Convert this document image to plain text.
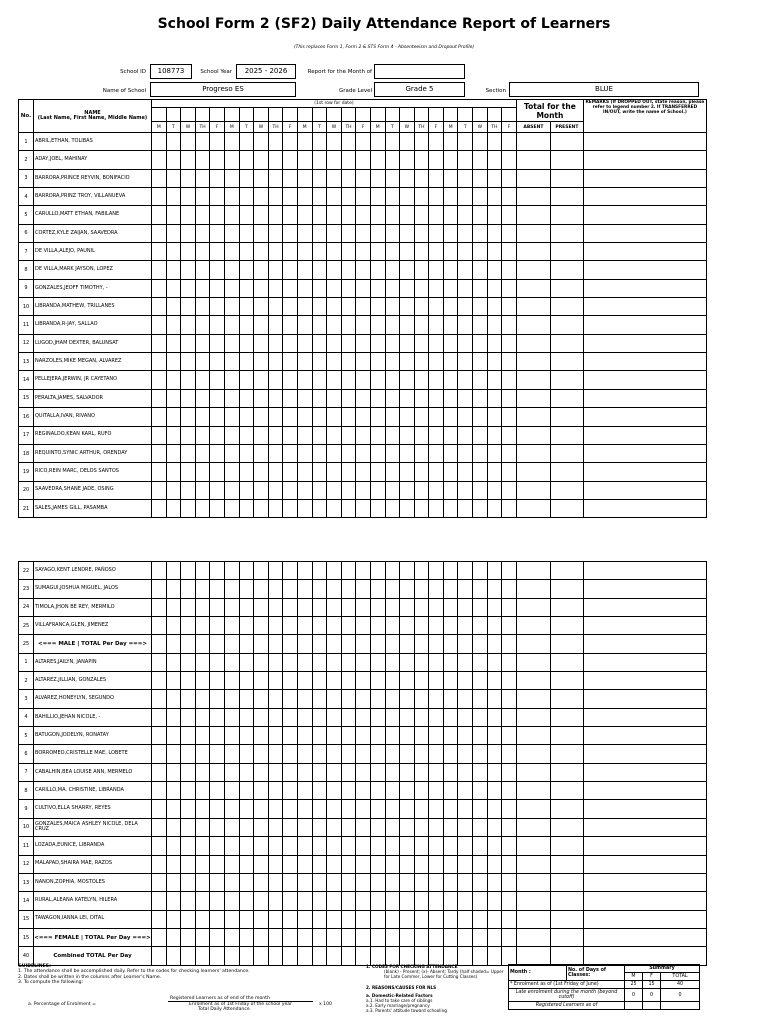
School Form 2 (SF2) Daily Attendance Report of Learners
(This replaces Form 1, Form 2 & STS Form 4 - Absenteeism and Dropout Profile)
School ID	108773	School Year	2025 - 2026	Report for the Month of
Name of School	Progreso ES	Grade Level	Grade 5	Section	BLUE
No.	NAME
(Last Name, First Name, Middle Name)	(1st row for date)																									Total for the Month		REMARKS (If DROPPED OUT, state reason, please refer to legend number 2. If TRANSFERRED IN/OUT, write the name of School.)

		M	T	W	TH	F	M	T	W	TH	F	M	T	W	TH	F	M	T	W	TH	F	M	T	W	TH	F	ABSENT	PRESENT	
1	ABRIL,ETHAN, TOLIBAS																												
2	ADAY,JOEL, MAHINAY																												
3	BARRORA,PRINCE REYVIN, BONIFACIO																												
4	BARRORA,PRINZ TROY, VILLANUEVA																												
5	CARULLO,MATT ETHAN, FABILANE																												
6	CORTEZ,KYLE ZAIJAN, SAAVEDRA																												
7	DE VILLA,ALEJO, PAUNIL																												
8	DE VILLA,MARK JAYSON, LOPEZ																												
9	GONZALES,JEOFF TIMOTHY, -																												
10	LIBRANDA,MATHEW, TRILLANES																												
11	LIBRANDA,R-JAY, SALLAO																												
12	LUGOD,JHAM DEXTER, BALUNSAT																												
13	NARZOLES,MIKE MEGAN, ALVAREZ																												
14	PELLEJERA,JERWIN, JR CAYETANO																												
15	PERALTA,JAMES, SALVADOR																												
16	QUITALLA,IVAN, RIVANO																												
17	REGINALDO,KEAN KARL, RUFO																												
18	REQUINTO,SYNIC ARTHUR, ORENDAY																												
19	RICO,REIN MARC, DELOS SANTOS																												
20	SAAVEDRA,SHANE JADE, OSING																												
21	SALES,JAMES GILL, PASAMBA																												
22	SAYAGO,KENT LENDRE, PAÑOSO																												
23	SUMAGUI,JOSHUA MIGUEL, JALOS																												
24	TIMOLA,JHON BE REY, MERMILO																												
25	VILLAFRANCA,GLEN, JIMENEZ																												
25	<=== MALE | TOTAL Per Day ===>																												
1	ALTARES,JAILYN, JANAPIN																												
2	ALTAREZ,JILLIAN, GONZALES																												
3	ALVAREZ,HONEYLYN, SEGUNDO																												
4	BAHILLIO,JEHAN NICOLE, -																												
5	BATUGON,JODELYN, RONATAY																												
6	BORROMEO,CRISTELLE MAE, LOBETE																												
7	CABALHIN,BEA LOUISE ANN, MERMELO																												
8	CARILLO,MA. CHRISTINE, LIBRANDA																												
9	CULTIVO,ELLA SHARRY, REYES																												
10	GONZALES,MAICA ASHLEY NICOLE, DELA CRUZ																												
11	LOZADA,EUNICE, LIBRANDA																												
12	MALAPAD,SHAIRA MAE, RAZOS																												
13	NANON,ZOPHIA, MOSTOLES																												
14	RURAL,ALEANA KATELYN, HILERA																												
15	TAWAGON,IANNA LEI, DITAL																												
15	<=== FEMALE | TOTAL Per Day ===>																												
40	Combined TOTAL Per Day																												
GUIDELINES:
1. The attendance shall be accomplished daily. Refer to the codes for checking learners' attendance.
2. Dates shall be written in the columns after Learner's Name.
3. To compute the following:
Registered Learners as of end of the month
a. Percentage of Enrolment =	Enrolment as of 1st Friday of the school year	x 100
Total Daily Attendance
1. CODES FOR CHECKING ATTENDANCE
(blank) - Present; (x)- Absent; Tardy (half shaded= Upper for Late Commer, Lower for Cutting Classes)
2. REASONS/CAUSES FOR NLS
a. Domestic-Related Factors
a.1. Had to take care of siblings
a.2. Early marriage/pregnancy
a.3. Parents' attitude toward schooling
Month :	No. of Days of Classes:	Summary		
		M	F	TOTAL
* Enrolment as of (1st Friday of June)		25	15	40
Late enrolment during the month (beyond cutoff)		0	0	0
Registered Learners as of				
